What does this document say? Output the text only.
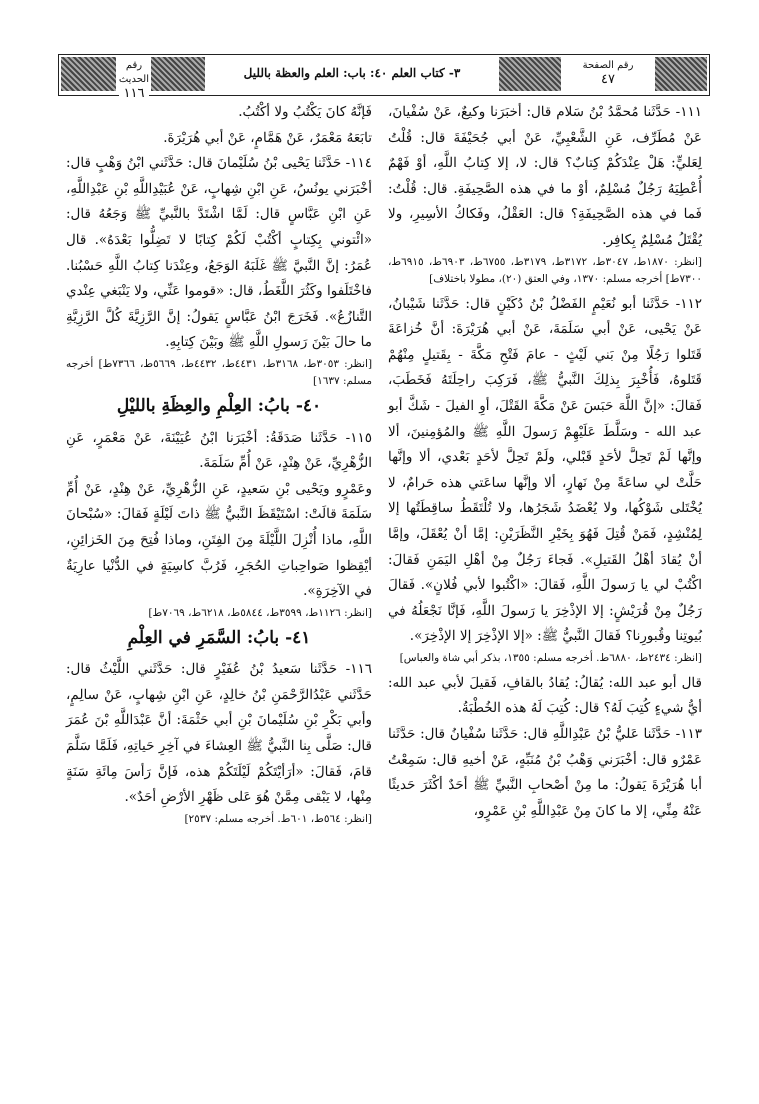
رقم الحديث
١١٦
٣- كتاب العلم ٤٠: باب: العلم والعظة بالليل
رقم الصفحة
٤٧

١١١- حَدَّثَنا مُحمَّدُ بْنُ سَلام قال: أخبَرَنا وكيعٌ، عَنْ سُفْيانَ، عَنْ مُطَرِّف، عَنِ الشَّعْبِيِّ، عَنْ أبي جُحَيْفَةَ قال: قُلْتُ لِعَليٍّ: هَلْ عِنْدَكُمْ كِتابٌ؟ قال: لا، إلا كِتابُ اللَّهِ، أوْ فَهْمٌ أُعْطِيَهُ رَجُلٌ مُسْلِمٌ، أوْ ما في هذه الصَّحِيفَةِ. قال: قُلْتُ: فَما في هذه الصَّحِيفَةِ؟ قال: العَقْلُ، وفَكاكُ الأسِيرِ، ولا يُقْتَلُ مُسْلِمٌ بِكافِر.

[انظر: ١٨٧٠ط، ٣٠٤٧ط، ٣١٧٢ط، ٣١٧٩ط، ٦٧٥٥ط، ٦٩٠٣ط، ٦٩١٥ط، ٧٣٠٠ط] أخرجه مسلم: ١٣٧٠، وفي العتق (٢٠)، مطولا باختلاف]

١١٢- حَدَّثَنا أبو نُعَيْمٍ الفَضْلُ بْنُ دُكَيْنٍ قال: حَدَّثَنا شَيْبانُ، عَنْ يَحْيى، عَنْ أبي سَلَمَةَ، عَنْ أبي هُرَيْرَةَ: أنَّ خُزاعَةَ قَتَلوا رَجُلًا مِنْ بَني لَيْثٍ - عامَ فَتْحِ مَكَّةَ - بِقَتيلٍ مِنْهُمْ قَتَلوهُ، فَأُخْبِرَ بِذلِكَ النَّبيُّ ﷺ، فَرَكِبَ راحِلَتَهُ فَخَطَبَ، فَقالَ: «إنَّ اللَّهَ حَبَسَ عَنْ مَكَّةَ القَتْلَ، أوِ الفيلَ - شَكَّ أبو عبد الله - وسَلَّطَ عَلَيْهِمْ رَسولَ اللَّهِ ﷺ والمُؤمِنينَ، ألا وإنَّها لَمْ تَحِلَّ لأحَدٍ قَبْلي، ولَمْ تَحِلَّ لأحَدٍ بَعْدي، ألا وإنَّها حَلَّتْ لي ساعَةً مِنْ نَهارٍ، ألا وإنَّها ساعَتي هذه حَرامٌ، لا يُخْتَلى شَوْكُها، ولا يُعْضَدُ شَجَرُها، ولا تُلْتَقَطُ ساقِطَتُها إلا لِمُنْشِدٍ، فَمَنْ قُتِلَ فَهُوَ بِخَيْرِ النَّظَرَيْنِ: إمَّا أنْ يُعْقَلَ، وإمَّا أنْ يُقادَ أهْلُ القَتيلِ». فَجاءَ رَجُلٌ مِنْ أهْلِ اليَمَنِ فَقالَ: اكْتُبْ لي يا رَسولَ اللَّهِ، فَقالَ: «اكْتُبوا لأبي فُلانٍ». فَقالَ رَجُلٌ مِنْ قُرَيْشٍ: إلا الإذْخِرَ يا رَسولَ اللَّهِ، فَإنَّا نَجْعَلُهُ في بُيوتِنا وقُبورِنا؟ فَقالَ النَّبيُّ ﷺ: «إلا الإذْخِرَ إلا الإذْخِرَ».

[انظر: ٢٤٣٤ط، ٦٨٨٠ط. أخرجه مسلم: ١٣٥٥، بذكر أبي شاة والعباس]

قال أبو عبد الله: يُقالُ: يُقادُ بالقافِ، فَقيلَ لأبي عبد الله: أيُّ شيءٍ كُتِبَ لَهُ؟ قال: كُتِبَ لَهُ هذه الخُطْبَةُ.

١١٣- حَدَّثَنا عَليُّ بْنُ عَبْدِاللَّهِ قال: حَدَّثَنا سُفْيانُ قال: حَدَّثَنا عَمْرٌو قال: أخْبَرَني وَهْبُ بْنُ مُنَبِّهٍ، عَنْ أخيهِ قال: سَمِعْتُ أبا هُرَيْرَةَ يَقولُ: ما مِنْ أصْحابِ النَّبيِّ ﷺ أحَدٌ أكْثَرَ حَديثًا عَنْهُ مِنِّي، إلا ما كانَ مِنْ عَبْدِاللَّهِ بْنِ عَمْرٍو،

فَإنَّهُ كانَ يَكْتُبُ ولا أكْتُبُ.

تابَعَهُ مَعْمَرٌ، عَنْ هَمَّامٍ، عَنْ أبي هُرَيْرَةَ.

١١٤- حَدَّثَنا يَحْيى بْنُ سُلَيْمانَ قال: حَدَّثَني ابْنُ وَهْبٍ قال: أخْبَرَني يونُسُ، عَنِ ابْنِ شِهابٍ، عَنْ عُبَيْدِاللَّهِ بْنِ عَبْدِاللَّهِ، عَنِ ابْنِ عَبَّاسٍ قال: لَمَّا اشْتَدَّ بالنَّبيِّ ﷺ وَجَعُهُ قال: «ائْتوني بِكِتابٍ أكْتُبْ لَكُمْ كِتابًا لا تَضِلُّوا بَعْدَهُ». قال عُمَرُ: إنَّ النَّبيَّ ﷺ غَلَبَهُ الوَجَعُ، وعِنْدَنا كِتابُ اللَّهِ حَسْبُنا. فاخْتَلَفوا وكَثُرَ اللَّغَطُ، قال: «قوموا عَنِّي، ولا يَنْبَغي عِنْدي التَّنازُعُ». فَخَرَجَ ابْنُ عَبَّاسٍ يَقولُ: إنَّ الرَّزِيَّةَ كُلَّ الرَّزِيَّةِ ما حالَ بَيْنَ رَسولِ اللَّهِ ﷺ وبَيْنَ كِتابِهِ.

[انظر: ٣٠٥٣ط، ٣١٦٨ط، ٤٤٣١ط، ٤٤٣٢ط، ٥٦٦٩ط، ٧٣٦٦ط] أخرجه مسلم: ١٦٣٧]

٤٠- بابُ: العِلْمِ والعِظَةِ بالليْلِ

١١٥- حَدَّثَنا صَدَقَةُ: أخْبَرَنا ابْنُ عُيَيْنَةَ، عَنْ مَعْمَرٍ، عَنِ الزُّهْرِيِّ، عَنْ هِنْدٍ، عَنْ أُمِّ سَلَمَةَ.

وعَمْرٍو ويَحْيى بْنِ سَعيدٍ، عَنِ الزُّهْرِيِّ، عَنْ هِنْدٍ، عَنْ أُمِّ سَلَمَةَ قالَتْ: اسْتَيْقَظَ النَّبيُّ ﷺ ذاتَ لَيْلَةٍ فَقالَ: «سُبْحانَ اللَّهِ، ماذا أُنْزِلَ اللَّيْلَةَ مِنَ الفِتَنِ، وماذا فُتِحَ مِنَ الخَزائِنِ، أيْقِظوا صَواحِباتِ الحُجَرِ، فَرُبَّ كاسِيَةٍ في الدُّنْيا عارِيَةٌ في الآخِرَةِ».

[انظر: ١١٢٦ط، ٣٥٩٩ط، ٥٨٤٤ط، ٦٢١٨ط، ٧٠٦٩ط]

٤١- بابُ: السَّمَرِ في العِلْمِ

١١٦- حَدَّثَنا سَعيدُ بْنُ عُفَيْرٍ قال: حَدَّثَني اللَّيْثُ قال: حَدَّثَني عَبْدُالرَّحْمَنِ بْنُ خالِدٍ، عَنِ ابْنِ شِهابٍ، عَنْ سالِمٍ، وأبي بَكْرِ بْنِ سُلَيْمانَ بْنِ أبي حَثْمَةَ: أنَّ عَبْدَاللَّهِ بْنَ عُمَرَ قال: صَلَّى بِنا النَّبيُّ ﷺ العِشاءَ في آخِرِ حَياتِهِ، فَلَمَّا سَلَّمَ قامَ، فَقالَ: «أرَأيْتَكُمْ لَيْلَتَكُمْ هذه، فَإنَّ رَأسَ مِائَةِ سَنَةٍ مِنْها، لا يَبْقى مِمَّنْ هُوَ عَلى ظَهْرِ الأرْضِ أحَدٌ».

[انظر: ٥٦٤ط، ٦٠١ط. أخرجه مسلم: ٢٥٣٧]
